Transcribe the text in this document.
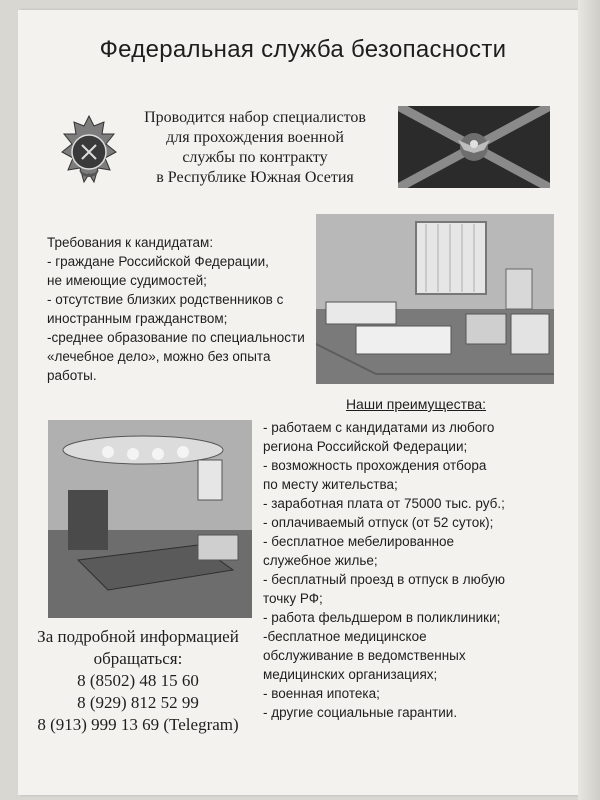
Федеральная служба безопасности
Проводится набор специалистов
для прохождения военной
службы по контракту
в Республике Южная Осетия
Требования к кандидатам:
- граждане Российской Федерации,
не имеющие судимостей;
- отсутствие близких родственников с
иностранным гражданством;
-среднее образование по специальности
«лечебное дело», можно без опыта
работы.
Наши преимущества:
- работаем с кандидатами из любого
региона Российской Федерации;
- возможность прохождения отбора
по месту жительства;
- заработная плата от 75000 тыс. руб.;
- оплачиваемый отпуск (от 52 суток);
- бесплатное мебелированное
служебное жилье;
- бесплатный проезд в отпуск в любую
точку РФ;
- работа фельдшером в поликлиники;
-бесплатное медицинское
обслуживание в ведомственных
медицинских организациях;
- военная ипотека;
- другие социальные гарантии.
За подробной информацией
обращаться:
8 (8502) 48 15 60
8 (929) 812 52 99
8 (913) 999 13 69 (Telegram)
